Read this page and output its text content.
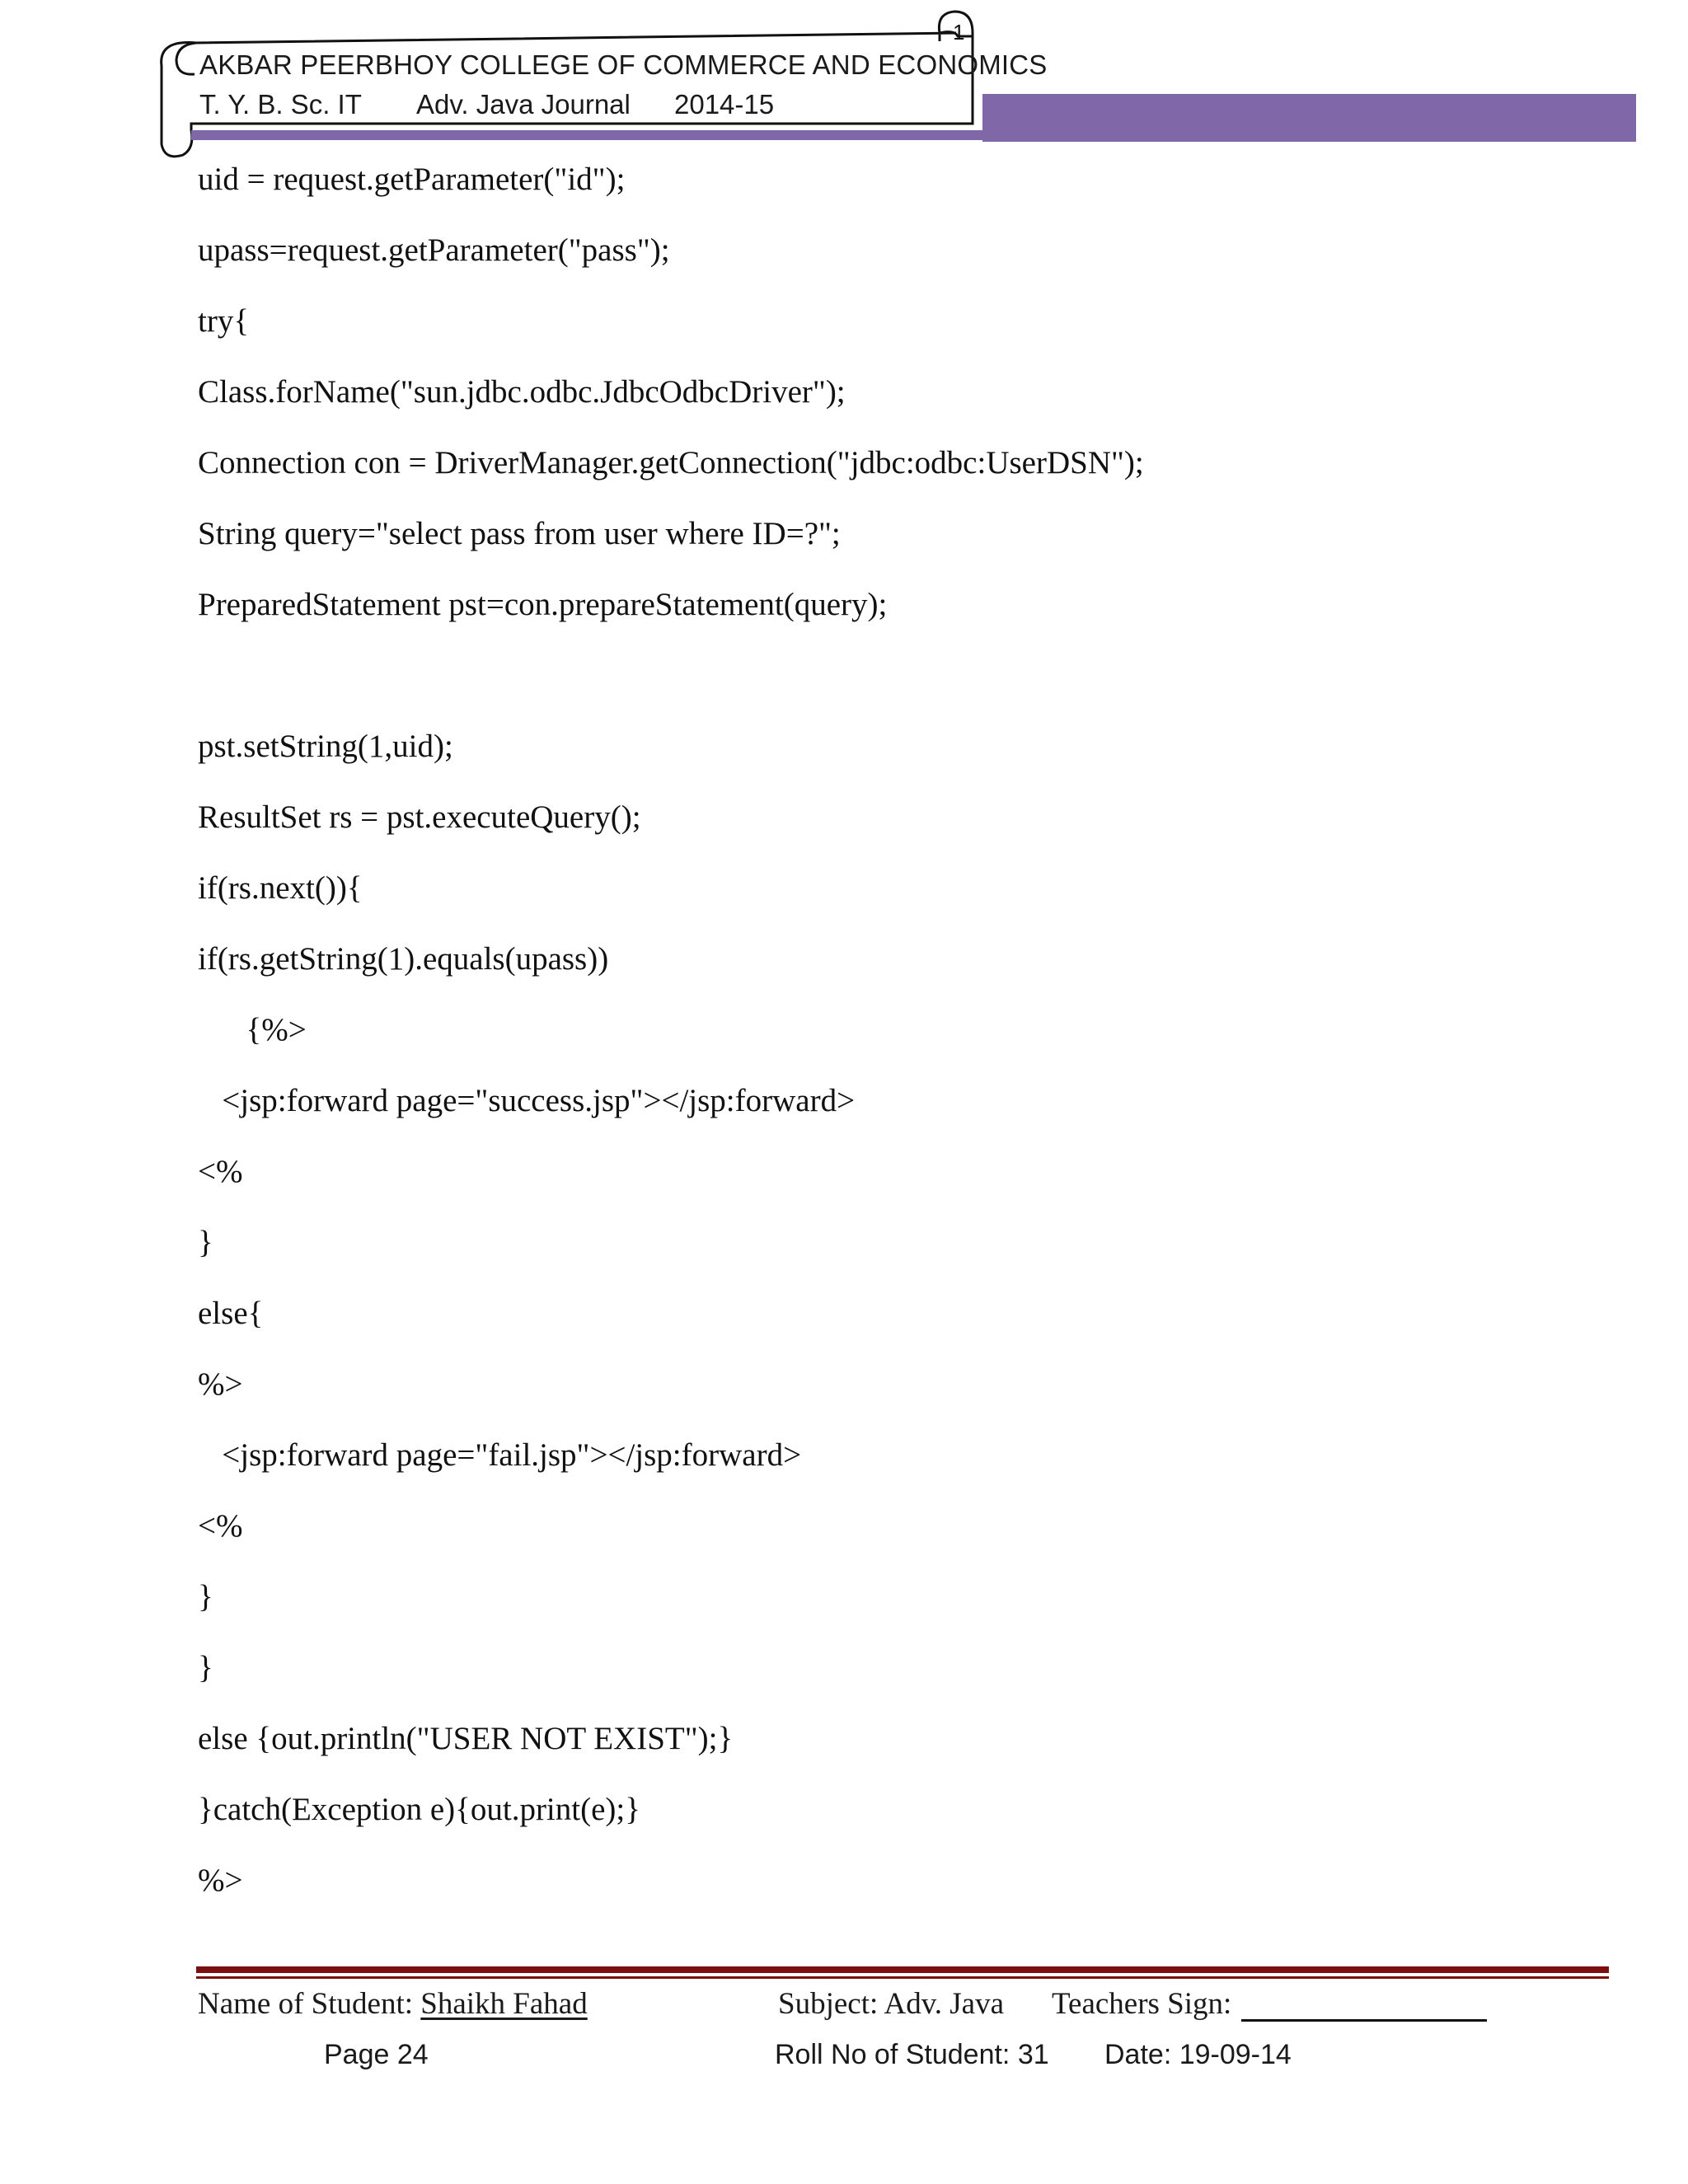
1
AKBAR PEERBHOY COLLEGE OF COMMERCE AND ECONOMICS
T. Y. B. Sc. IT Adv. Java Journal 2014-15
uid = request.getParameter("id");
upass=request.getParameter("pass");
try{
Class.forName("sun.jdbc.odbc.JdbcOdbcDriver");
Connection con = DriverManager.getConnection("jdbc:odbc:UserDSN");
String query="select pass from user where ID=?";
PreparedStatement pst=con.prepareStatement(query);
pst.setString(1,uid);
ResultSet rs = pst.executeQuery();
if(rs.next()){
if(rs.getString(1).equals(upass))
{%>
<jsp:forward page="success.jsp"></jsp:forward>
<%
}
else{
%>
<jsp:forward page="fail.jsp"></jsp:forward>
<%
}
}
else {out.println("USER NOT EXIST");}
}catch(Exception e){out.print(e);}
%>
Name of Student: Shaikh Fahad	Subject: Adv. Java Teachers Sign:
Page 24	Roll No of Student: 31 Date: 19-09-14
